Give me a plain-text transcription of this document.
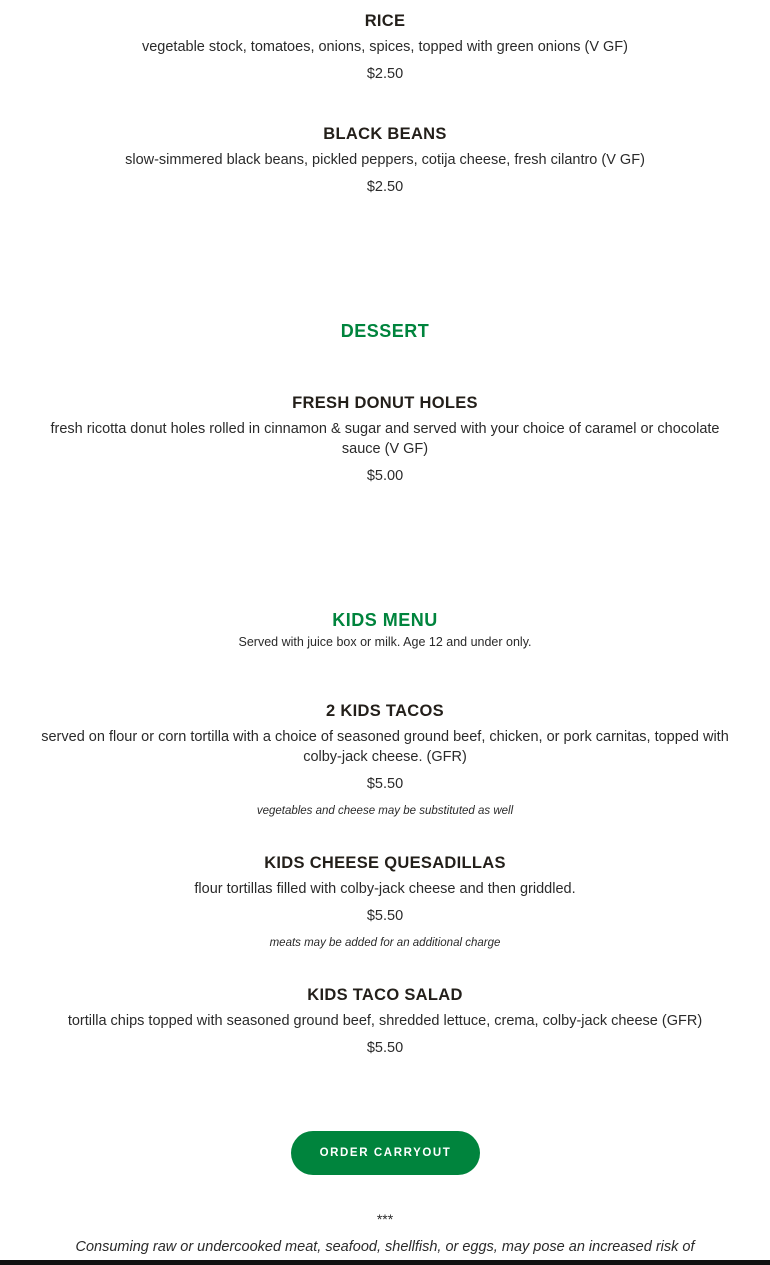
RICE
vegetable stock, tomatoes, onions, spices, topped with green onions (V GF)
$2.50
BLACK BEANS
slow-simmered black beans, pickled peppers, cotija cheese, fresh cilantro (V GF)
$2.50
DESSERT
FRESH DONUT HOLES
fresh ricotta donut holes rolled in cinnamon & sugar and served with your choice of caramel or chocolate sauce (V GF)
$5.00
KIDS MENU
Served with juice box or milk. Age 12 and under only.
2 KIDS TACOS
served on flour or corn tortilla with a choice of seasoned ground beef, chicken, or pork carnitas, topped with colby-jack cheese. (GFR)
$5.50
vegetables and cheese may be substituted as well
KIDS CHEESE QUESADILLAS
flour tortillas filled with colby-jack cheese and then griddled.
$5.50
meats may be added for an additional charge
KIDS TACO SALAD
tortilla chips topped with seasoned ground beef, shredded lettuce, crema, colby-jack cheese (GFR)
$5.50
ORDER CARRYOUT
***
Consuming raw or undercooked meat, seafood, shellfish, or eggs, may pose an increased risk of
